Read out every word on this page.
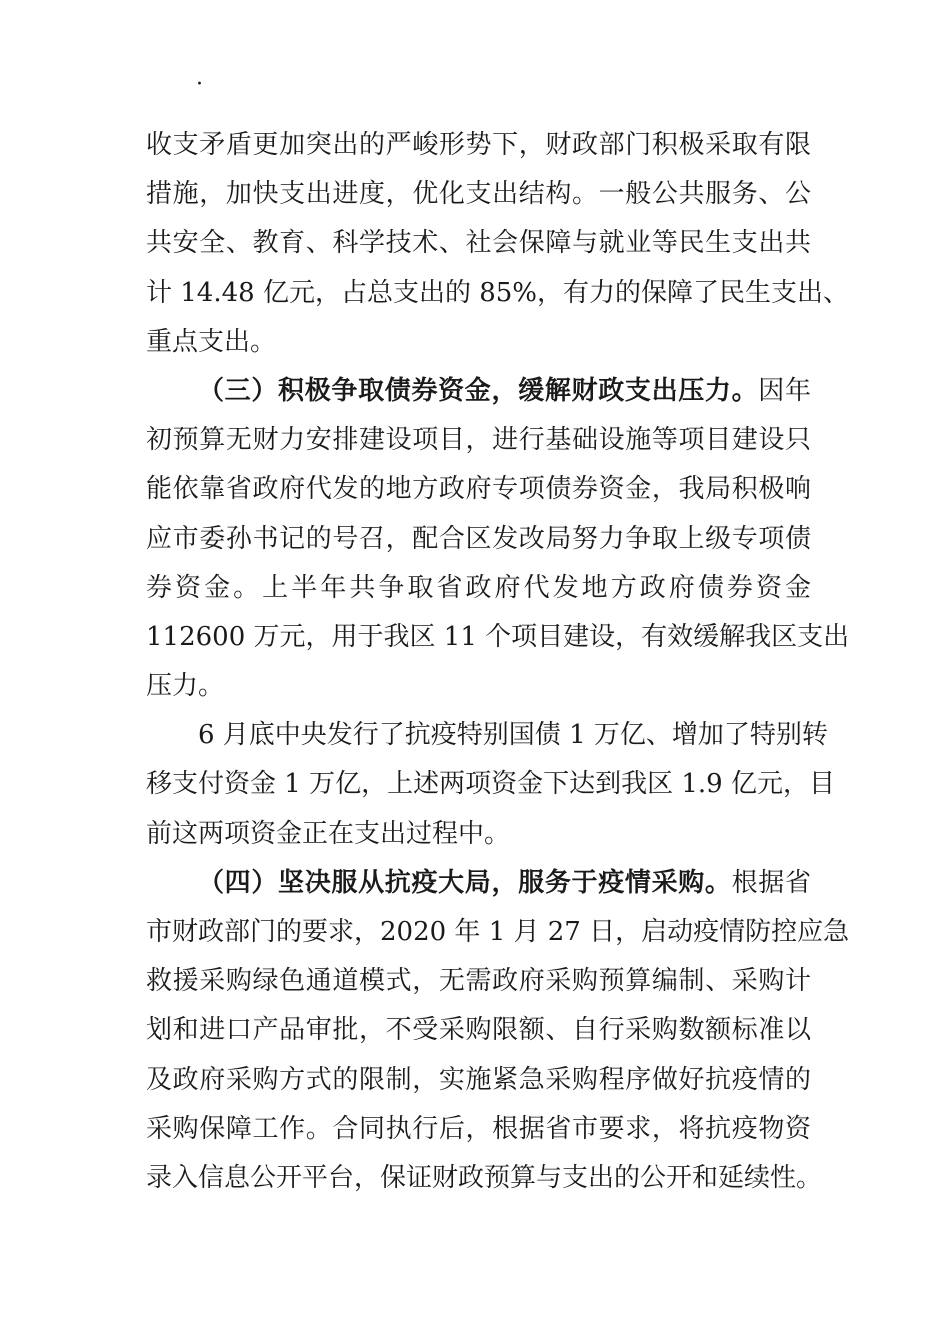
·
收支矛盾更加突出的严峻形势下，财政部门积极采取有限
措施，加快支出进度，优化支出结构。一般公共服务、公
共安全、教育、科学技术、社会保障与就业等民生支出共
计 14.48 亿元，占总支出的 85%，有力的保障了民生支出、
重点支出。
（三）积极争取债券资金，缓解财政支出压力。因年
初预算无财力安排建设项目，进行基础设施等项目建设只
能依靠省政府代发的地方政府专项债券资金，我局积极响
应市委孙书记的号召，配合区发改局努力争取上级专项债
券资金。上半年共争取省政府代发地方政府债券资金
112600 万元，用于我区 11 个项目建设，有效缓解我区支出
压力。
6 月底中央发行了抗疫特别国债 1 万亿、增加了特别转
移支付资金 1 万亿，上述两项资金下达到我区 1.9 亿元，目
前这两项资金正在支出过程中。
（四）坚决服从抗疫大局，服务于疫情采购。根据省
市财政部门的要求，2020 年 1 月 27 日，启动疫情防控应急
救援采购绿色通道模式，无需政府采购预算编制、采购计
划和进口产品审批，不受采购限额、自行采购数额标准以
及政府采购方式的限制，实施紧急采购程序做好抗疫情的
采购保障工作。合同执行后，根据省市要求，将抗疫物资
录入信息公开平台，保证财政预算与支出的公开和延续性。
